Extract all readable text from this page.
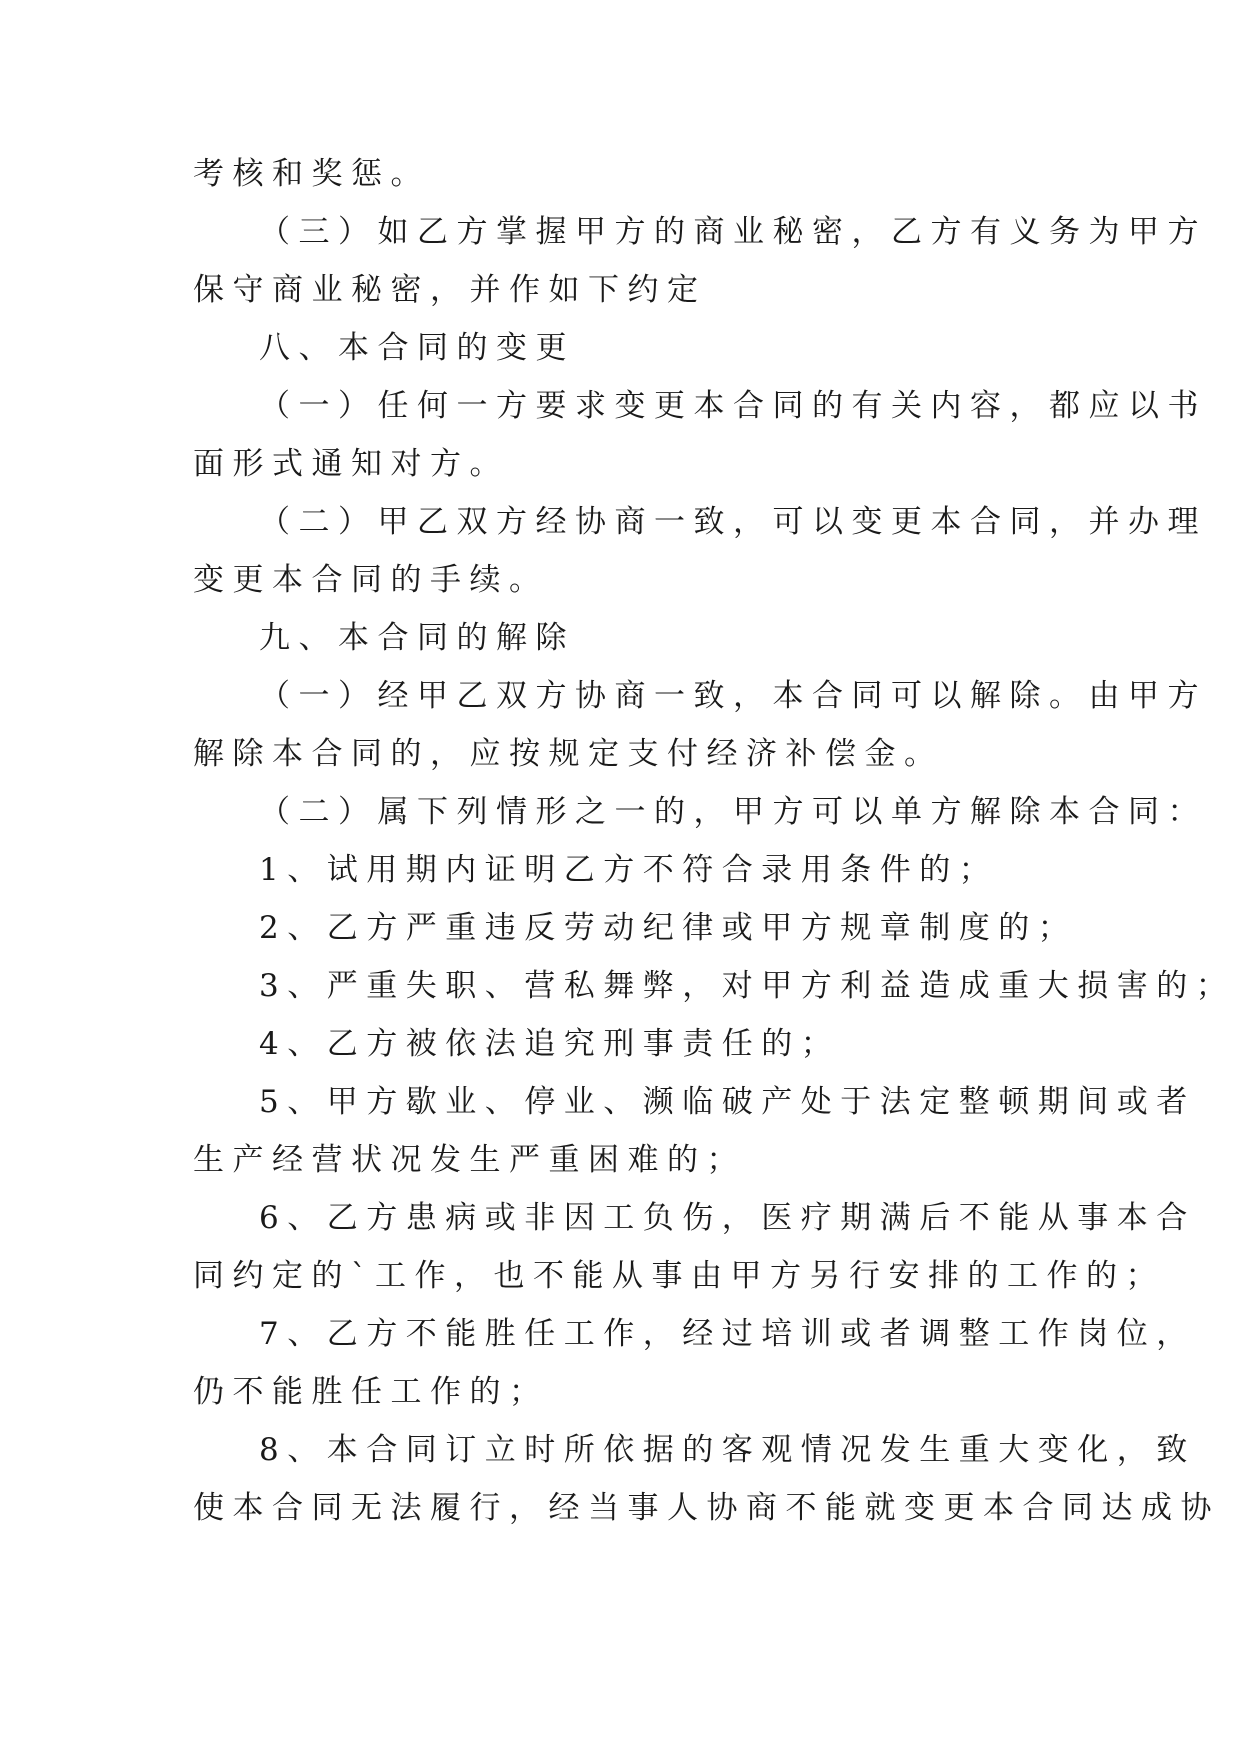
考核和奖惩。
（三）如乙方掌握甲方的商业秘密，乙方有义务为甲方
保守商业秘密，并作如下约定
八、本合同的变更
（一）任何一方要求变更本合同的有关内容，都应以书
面形式通知对方。
（二）甲乙双方经协商一致，可以变更本合同，并办理
变更本合同的手续。
九、本合同的解除
（一）经甲乙双方协商一致，本合同可以解除。由甲方
解除本合同的，应按规定支付经济补偿金。
（二）属下列情形之一的，甲方可以单方解除本合同：
1、试用期内证明乙方不符合录用条件的；
2、乙方严重违反劳动纪律或甲方规章制度的；
3、严重失职、营私舞弊，对甲方利益造成重大损害的；
4、乙方被依法追究刑事责任的；
5、甲方歇业、停业、濒临破产处于法定整顿期间或者
生产经营状况发生严重困难的；
6、乙方患病或非因工负伤，医疗期满后不能从事本合
同约定的`工作，也不能从事由甲方另行安排的工作的；
7、乙方不能胜任工作，经过培训或者调整工作岗位，
仍不能胜任工作的；
8、本合同订立时所依据的客观情况发生重大变化，致
使本合同无法履行，经当事人协商不能就变更本合同达成协
